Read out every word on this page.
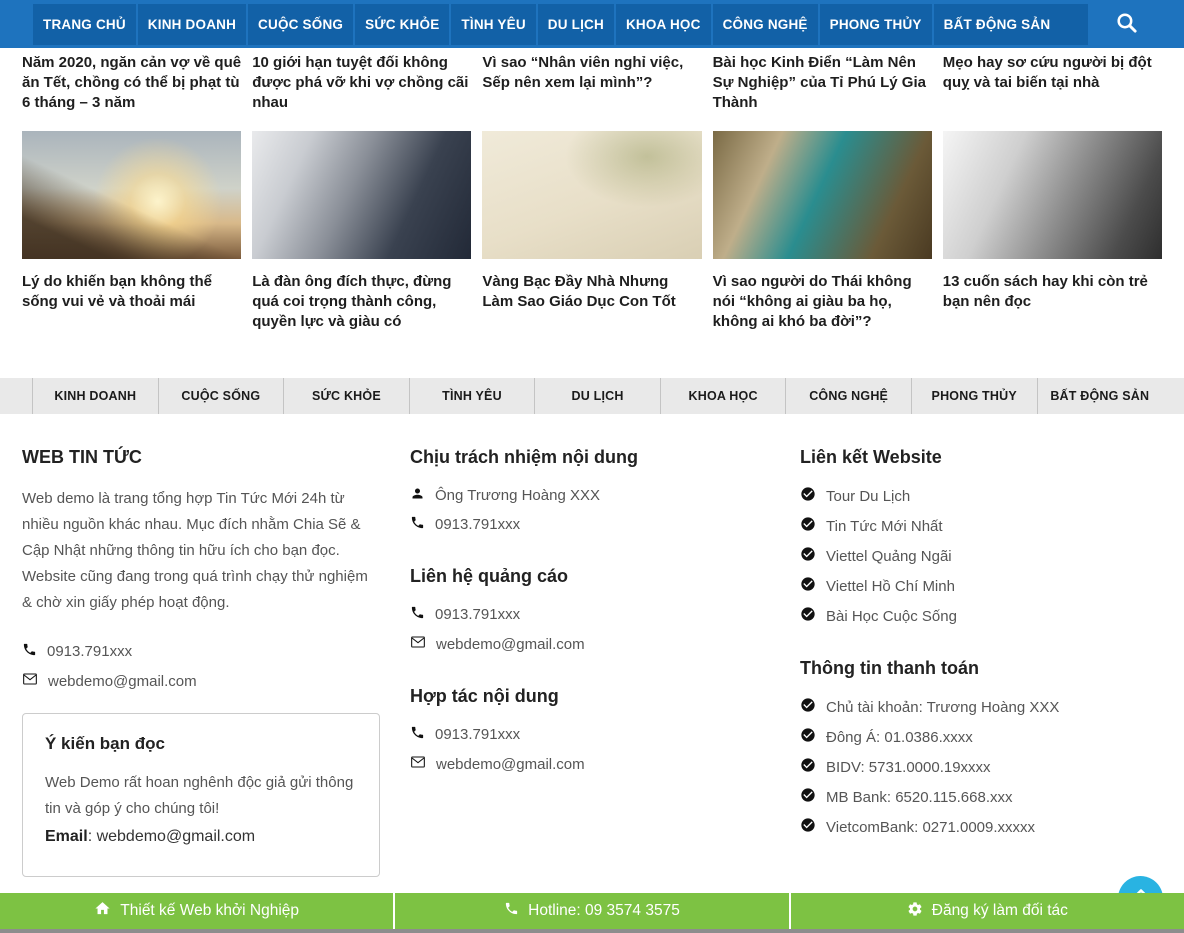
TRANG CHỦ	KINH DOANH	CUỘC SỐNG	SỨC KHỎE	TÌNH YÊU	DU LỊCH	KHOA HỌC	CÔNG NGHỆ	PHONG THỦY	BẤT ĐỘNG SẢN
Năm 2020, ngăn cản vợ về quê ăn Tết, chồng có thể bị phạt tù 6 tháng – 3 năm
10 giới hạn tuyệt đối không được phá vỡ khi vợ chồng cãi nhau
Vì sao “Nhân viên nghỉ việc, Sếp nên xem lại mình”?
Bài học Kinh Điển “Làm Nên Sự Nghiệp” của Tỉ Phú Lý Gia Thành
Mẹo hay sơ cứu người bị đột quỵ và tai biến tại nhà
Lý do khiến bạn không thể sống vui vẻ và thoải mái
Là đàn ông đích thực, đừng quá coi trọng thành công, quyền lực và giàu có
Vàng Bạc Đầy Nhà Nhưng Làm Sao Giáo Dục Con Tốt
Vì sao người do Thái không nói “không ai giàu ba họ, không ai khó ba đời”?
13 cuốn sách hay khi còn trẻ bạn nên đọc
KINH DOANH	CUỘC SỐNG	SỨC KHỎE	TÌNH YÊU	DU LỊCH	KHOA HỌC	CÔNG NGHỆ	PHONG THỦY	BẤT ĐỘNG SẢN
WEB TIN TỨC

Web demo là trang tổng hợp Tin Tức Mới 24h từ nhiều nguồn khác nhau. Mục đích nhằm Chia Sẽ & Cập Nhật những thông tin hữu ích cho bạn đọc. Website cũng đang trong quá trình chạy thử nghiệm & chờ xin giấy phép hoạt động.

0913.791xxx
webdemo@gmail.com
Ý kiến bạn đọc

Web Demo rất hoan nghênh độc giả gửi thông tin và góp ý cho chúng tôi!

Email: webdemo@gmail.com

Chịu trách nhiệm nội dung
Ông Trương Hoàng XXX
0913.791xxx
Liên hệ quảng cáo
0913.791xxx
webdemo@gmail.com
Hợp tác nội dung
0913.791xxx
webdemo@gmail.com
Liên kết Website
Tour Du Lịch
Tin Tức Mới Nhất
Viettel Quảng Ngãi
Viettel Hồ Chí Minh
Bài Học Cuộc Sống
Thông tin thanh toán
Chủ tài khoản: Trương Hoàng XXX
Đông Á: 01.0386.xxxx
BIDV: 5731.0000.19xxxx
MB Bank: 6520.115.668.xxx
VietcomBank: 0271.0009.xxxxx
Thiết kế Web khởi Nghiệp	Hotline: 09 3574 3575	Đăng ký làm đối tác
